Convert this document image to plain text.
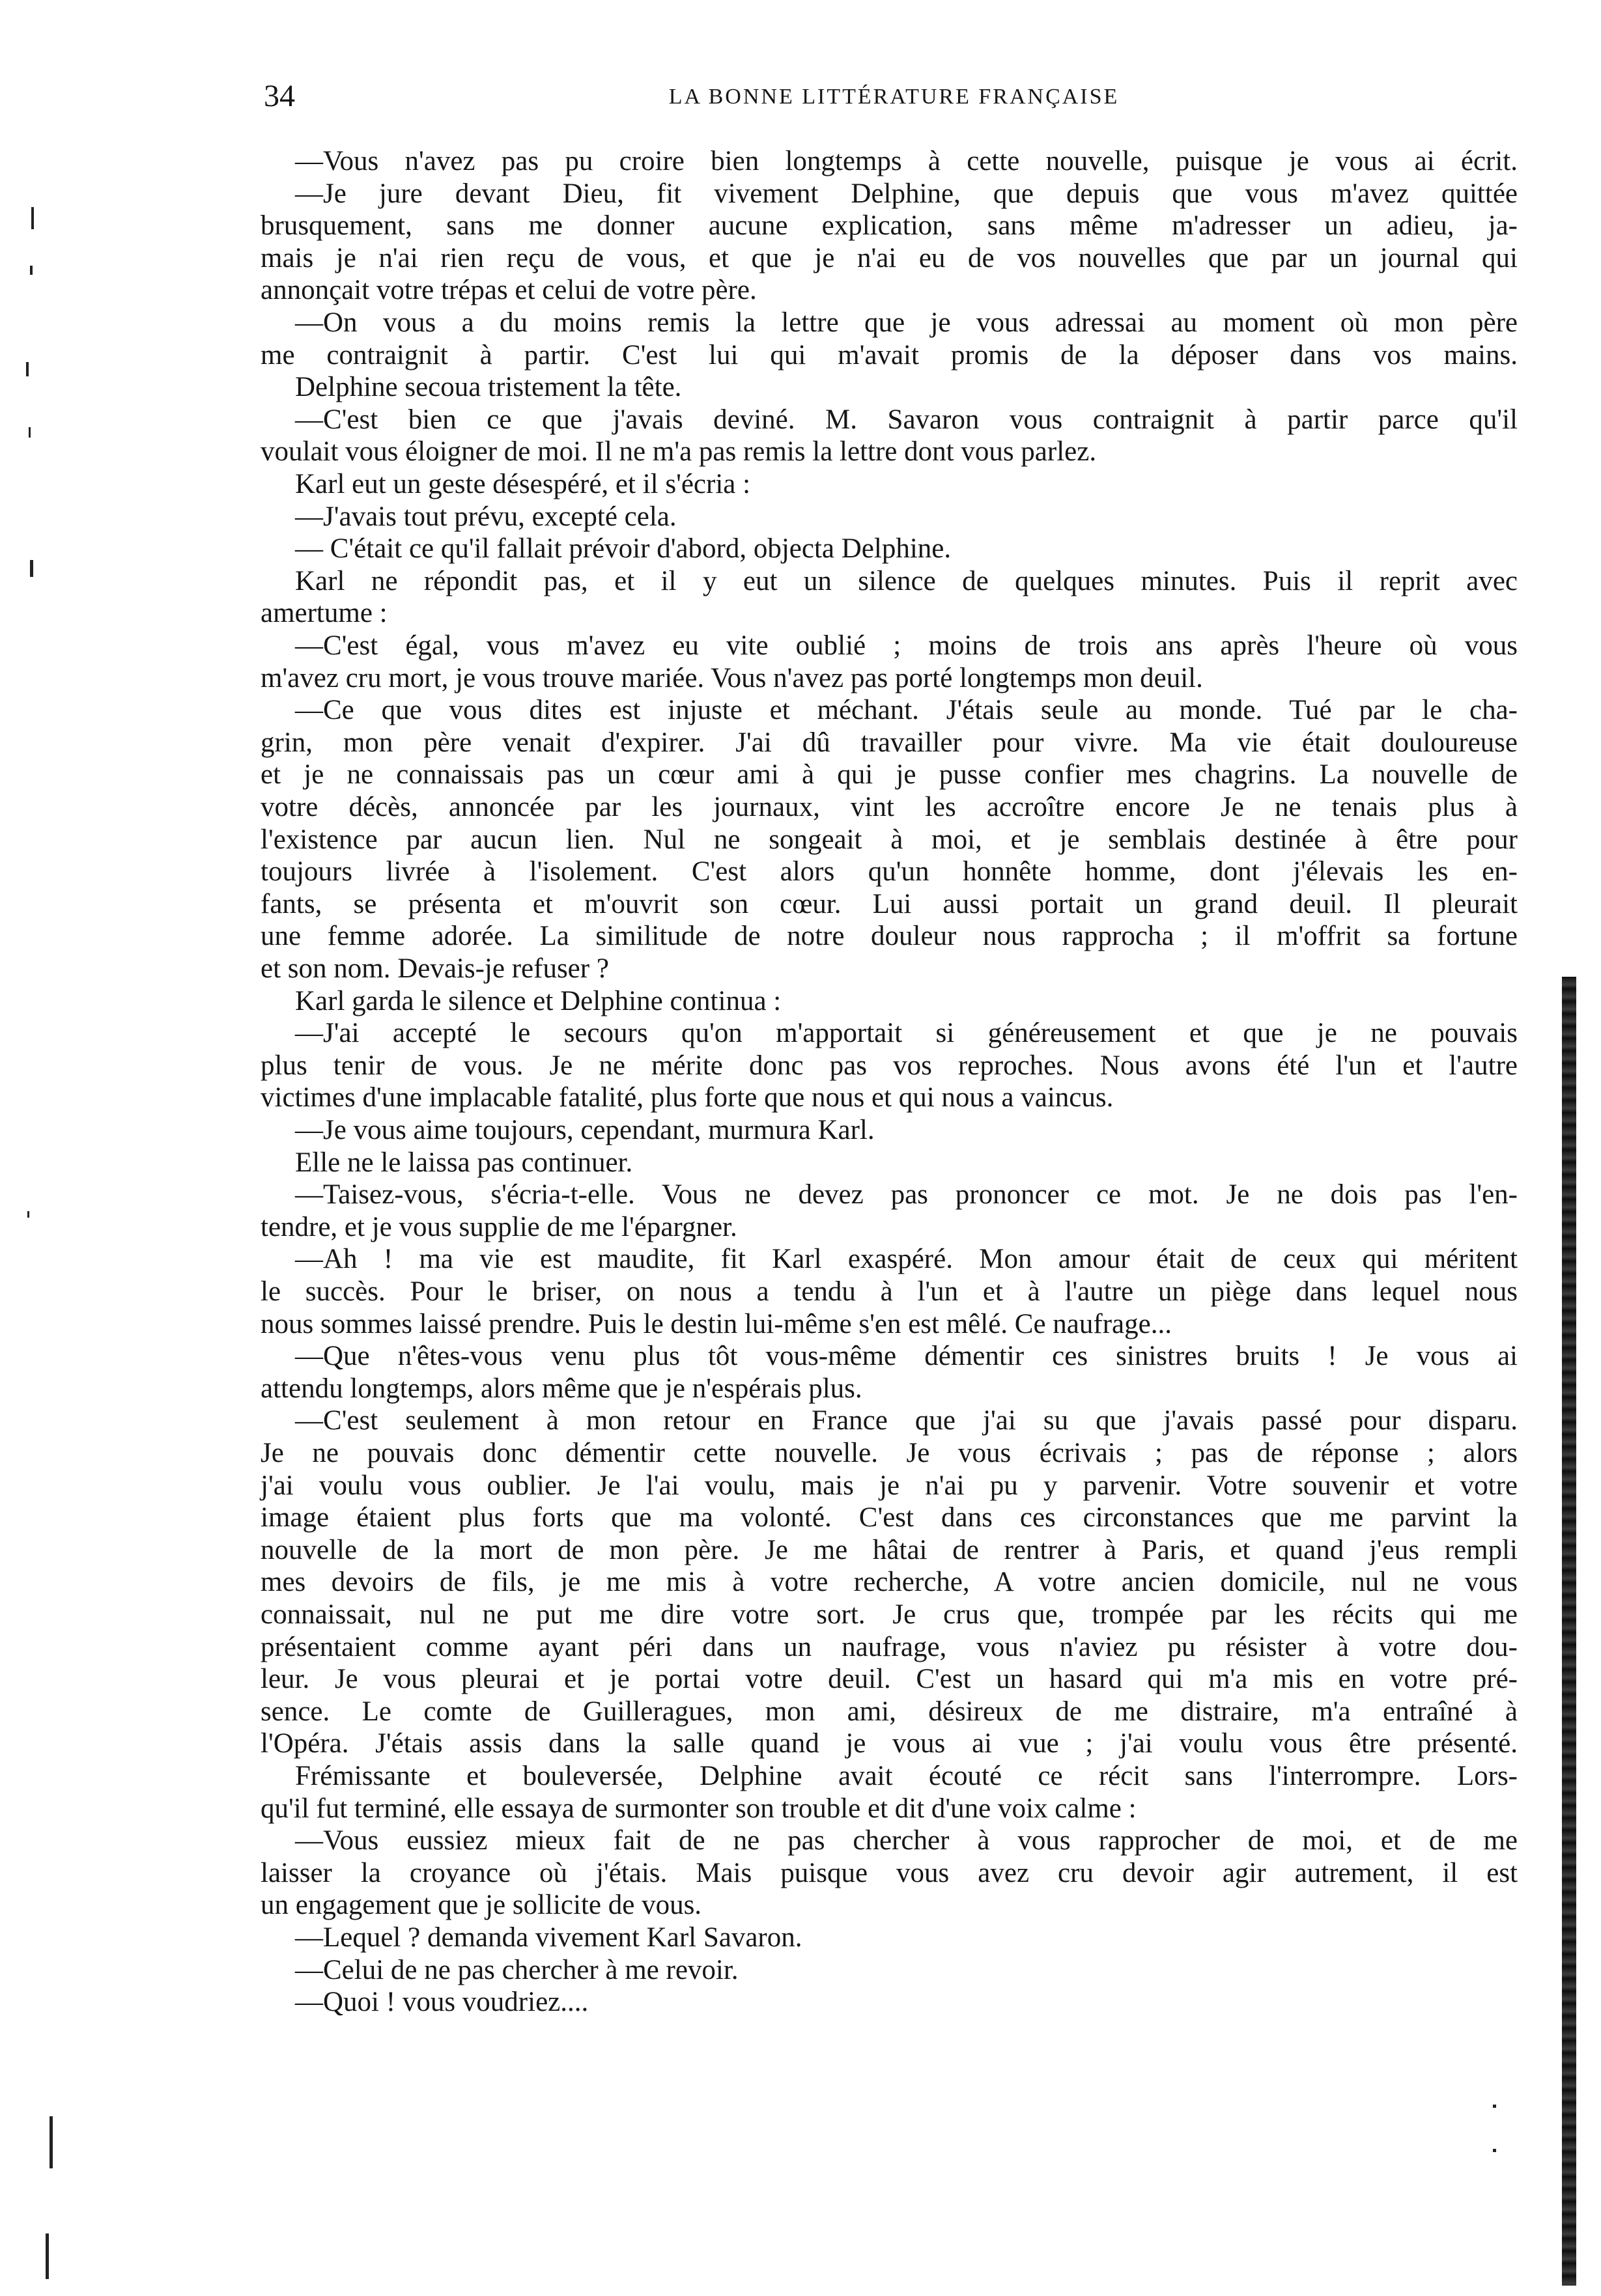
34	LA BONNE LITTÉRATURE FRANÇAISE
—Vous n'avez pas pu croire bien longtemps à cette nouvelle, puisque je vous ai écrit.
—Je jure devant Dieu, fit vivement Delphine, que depuis que vous m'avez quittée
brusquement, sans me donner aucune explication, sans même m'adresser un adieu, ja-
mais je n'ai rien reçu de vous, et que je n'ai eu de vos nouvelles que par un journal qui
annonçait votre trépas et celui de votre père.
—On vous a du moins remis la lettre que je vous adressai au moment où mon père
me contraignit à partir. C'est lui qui m'avait promis de la déposer dans vos mains.
Delphine secoua tristement la tête.
—C'est bien ce que j'avais deviné. M. Savaron vous contraignit à partir parce qu'il
voulait vous éloigner de moi. Il ne m'a pas remis la lettre dont vous parlez.
Karl eut un geste désespéré, et il s'écria :
—J'avais tout prévu, excepté cela.
— C'était ce qu'il fallait prévoir d'abord, objecta Delphine.
Karl ne répondit pas, et il y eut un silence de quelques minutes. Puis il reprit avec
amertume :
—C'est égal, vous m'avez eu vite oublié ; moins de trois ans après l'heure où vous
m'avez cru mort, je vous trouve mariée. Vous n'avez pas porté longtemps mon deuil.
—Ce que vous dites est injuste et méchant. J'étais seule au monde. Tué par le cha-
grin, mon père venait d'expirer. J'ai dû travailler pour vivre. Ma vie était douloureuse
et je ne connaissais pas un cœur ami à qui je pusse confier mes chagrins. La nouvelle de
votre décès, annoncée par les journaux, vint les accroître encore Je ne tenais plus à
l'existence par aucun lien. Nul ne songeait à moi, et je semblais destinée à être pour
toujours livrée à l'isolement. C'est alors qu'un honnête homme, dont j'élevais les en-
fants, se présenta et m'ouvrit son cœur. Lui aussi portait un grand deuil. Il pleurait
une femme adorée. La similitude de notre douleur nous rapprocha ; il m'offrit sa fortune
et son nom. Devais-je refuser ?
Karl garda le silence et Delphine continua :
—J'ai accepté le secours qu'on m'apportait si généreusement et que je ne pouvais
plus tenir de vous. Je ne mérite donc pas vos reproches. Nous avons été l'un et l'autre
victimes d'une implacable fatalité, plus forte que nous et qui nous a vaincus.
—Je vous aime toujours, cependant, murmura Karl.
Elle ne le laissa pas continuer.
—Taisez-vous, s'écria-t-elle. Vous ne devez pas prononcer ce mot. Je ne dois pas l'en-
tendre, et je vous supplie de me l'épargner.
—Ah ! ma vie est maudite, fit Karl exaspéré. Mon amour était de ceux qui méritent
le succès. Pour le briser, on nous a tendu à l'un et à l'autre un piège dans lequel nous
nous sommes laissé prendre. Puis le destin lui-même s'en est mêlé. Ce naufrage...
—Que n'êtes-vous venu plus tôt vous-même démentir ces sinistres bruits ! Je vous ai
attendu longtemps, alors même que je n'espérais plus.
—C'est seulement à mon retour en France que j'ai su que j'avais passé pour disparu.
Je ne pouvais donc démentir cette nouvelle. Je vous écrivais ; pas de réponse ; alors
j'ai voulu vous oublier. Je l'ai voulu, mais je n'ai pu y parvenir. Votre souvenir et votre
image étaient plus forts que ma volonté. C'est dans ces circonstances que me parvint la
nouvelle de la mort de mon père. Je me hâtai de rentrer à Paris, et quand j'eus rempli
mes devoirs de fils, je me mis à votre recherche, A votre ancien domicile, nul ne vous
connaissait, nul ne put me dire votre sort. Je crus que, trompée par les récits qui me
présentaient comme ayant péri dans un naufrage, vous n'aviez pu résister à votre dou-
leur. Je vous pleurai et je portai votre deuil. C'est un hasard qui m'a mis en votre pré-
sence. Le comte de Guilleragues, mon ami, désireux de me distraire, m'a entraîné à
l'Opéra. J'étais assis dans la salle quand je vous ai vue ; j'ai voulu vous être présenté.
Frémissante et bouleversée, Delphine avait écouté ce récit sans l'interrompre. Lors-
qu'il fut terminé, elle essaya de surmonter son trouble et dit d'une voix calme :
—Vous eussiez mieux fait de ne pas chercher à vous rapprocher de moi, et de me
laisser la croyance où j'étais. Mais puisque vous avez cru devoir agir autrement, il est
un engagement que je sollicite de vous.
—Lequel ? demanda vivement Karl Savaron.
—Celui de ne pas chercher à me revoir.
—Quoi ! vous voudriez....
